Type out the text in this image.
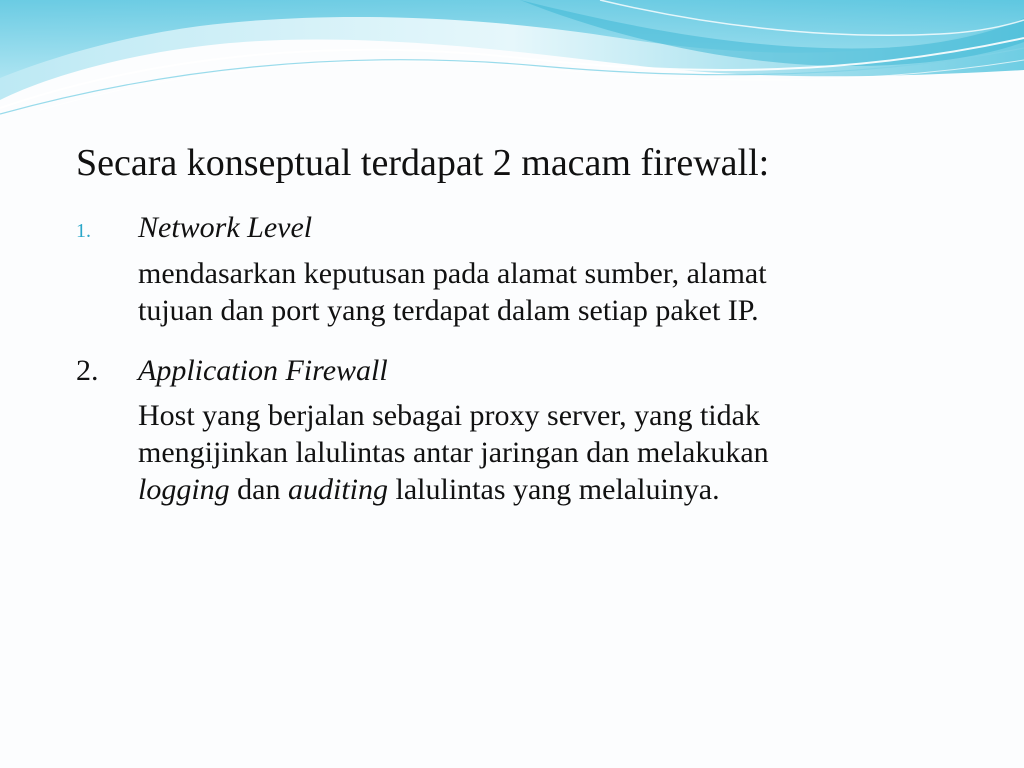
Secara konseptual terdapat 2 macam firewall:
1. Network Level
mendasarkan keputusan pada alamat sumber, alamat
tujuan dan port yang terdapat dalam setiap paket IP.
2. Application Firewall
Host yang berjalan sebagai proxy server, yang tidak
mengijinkan lalulintas antar jaringan dan melakukan
logging dan auditing lalulintas yang melaluinya.
